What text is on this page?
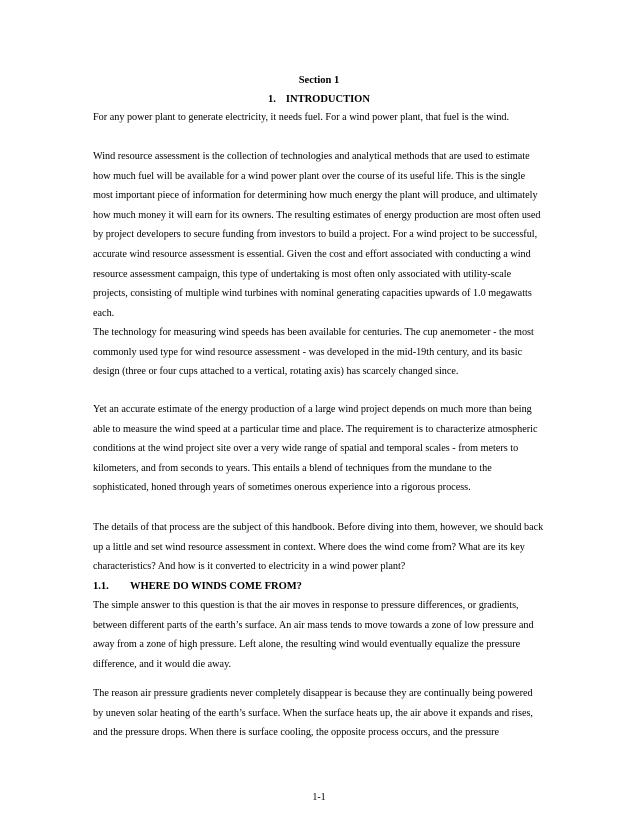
Section 1
1. INTRODUCTION

For any power plant to generate electricity, it needs fuel. For a wind power plant, that fuel is the wind.

Wind resource assessment is the collection of technologies and analytical methods that are used to estimate how much fuel will be available for a wind power plant over the course of its useful life. This is the single most important piece of information for determining how much energy the plant will produce, and ultimately how much money it will earn for its owners. The resulting estimates of energy production are most often used by project developers to secure funding from investors to build a project. For a wind project to be successful, accurate wind resource assessment is essential. Given the cost and effort associated with conducting a wind resource assessment campaign, this type of undertaking is most often only associated with utility-scale projects, consisting of multiple wind turbines with nominal generating capacities upwards of 1.0 megawatts each.

The technology for measuring wind speeds has been available for centuries. The cup anemometer - the most commonly used type for wind resource assessment - was developed in the mid-19th century, and its basic design (three or four cups attached to a vertical, rotating axis) has scarcely changed since.

Yet an accurate estimate of the energy production of a large wind project depends on much more than being able to measure the wind speed at a particular time and place. The requirement is to characterize atmospheric conditions at the wind project site over a very wide range of spatial and temporal scales - from meters to kilometers, and from seconds to years. This entails a blend of techniques from the mundane to the sophisticated, honed through years of sometimes onerous experience into a rigorous process.

The details of that process are the subject of this handbook. Before diving into them, however, we should back up a little and set wind resource assessment in context. Where does the wind come from? What are its key characteristics? And how is it converted to electricity in a wind power plant?

1.1. WHERE DO WINDS COME FROM?

The simple answer to this question is that the air moves in response to pressure differences, or gradients, between different parts of the earth’s surface. An air mass tends to move towards a zone of low pressure and away from a zone of high pressure. Left alone, the resulting wind would eventually equalize the pressure difference, and it would die away.

The reason air pressure gradients never completely disappear is because they are continually being powered by uneven solar heating of the earth’s surface. When the surface heats up, the air above it expands and rises, and the pressure drops. When there is surface cooling, the opposite process occurs, and the pressure

1-1
